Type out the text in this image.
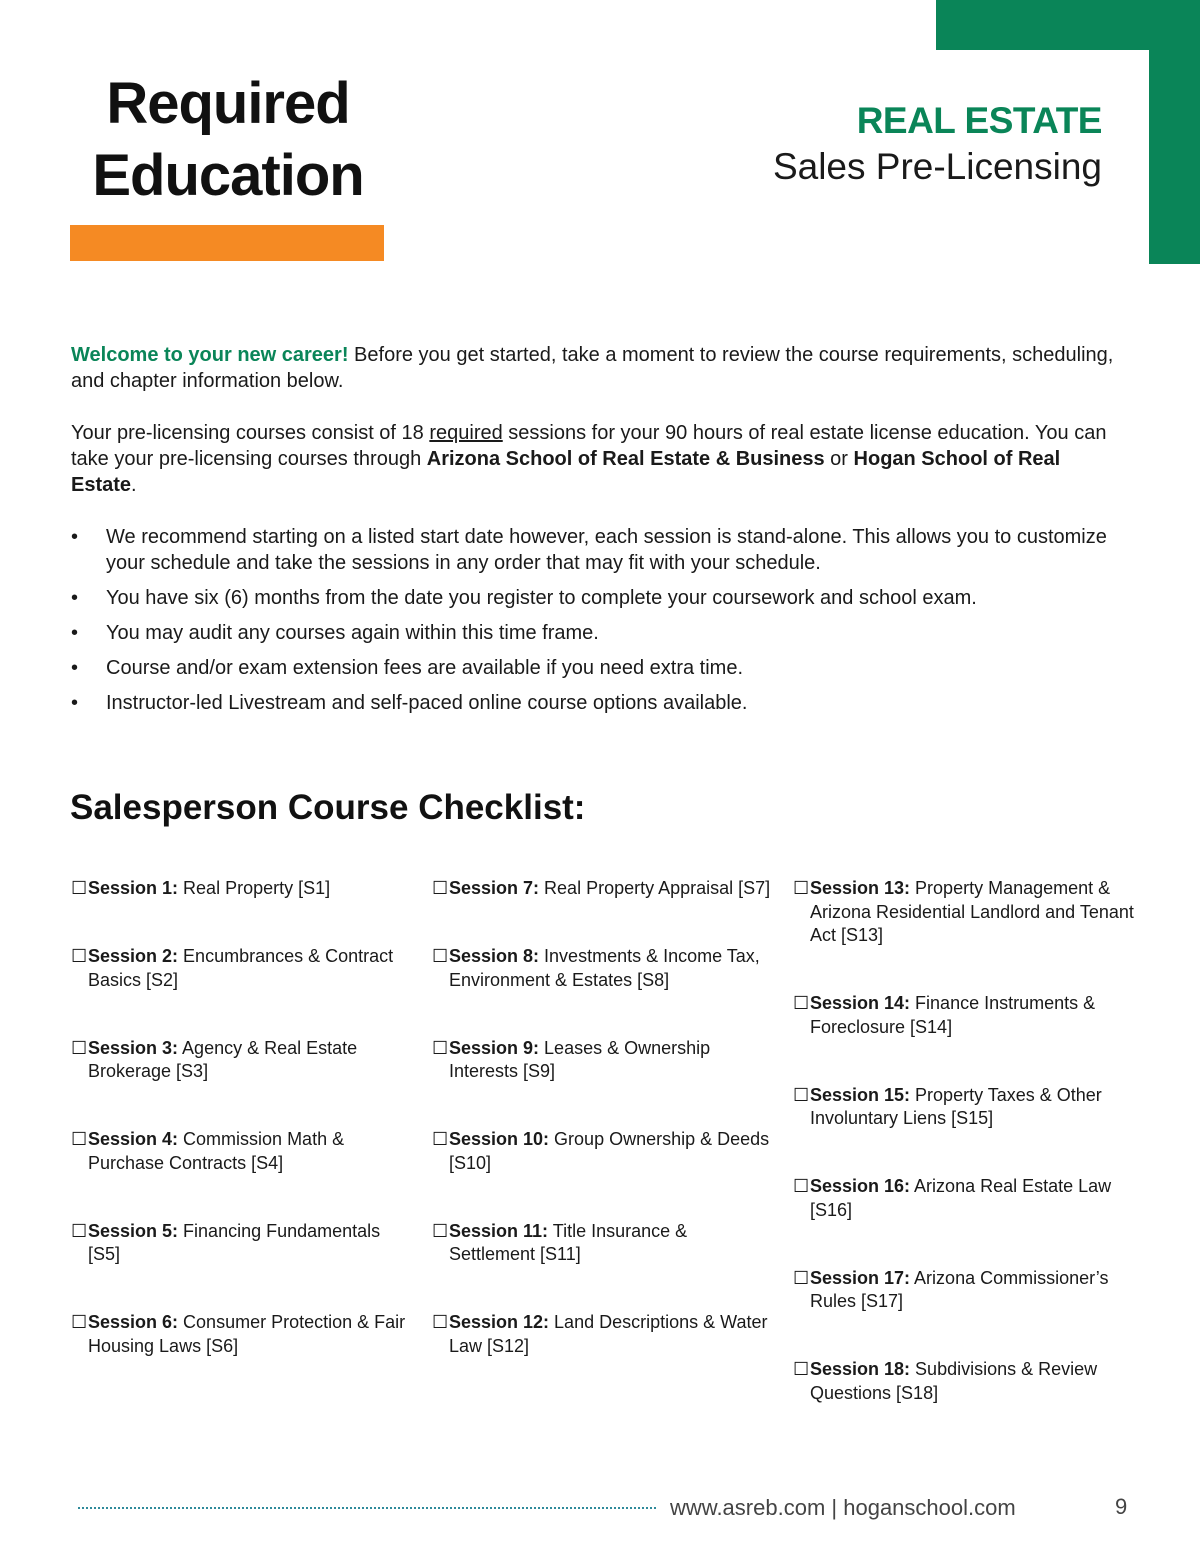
Required
Education
REAL ESTATE
Sales Pre-Licensing

Welcome to your new career! Before you get started, take a moment to review the course requirements, scheduling, and chapter information below.

Your pre-licensing courses consist of 18 required sessions for your 90 hours of real estate license education. You can take your pre-licensing courses through Arizona School of Real Estate & Business or Hogan School of Real Estate.

• We recommend starting on a listed start date however, each session is stand-alone. This allows you to customize your schedule and take the sessions in any order that may fit with your schedule.
• You have six (6) months from the date you register to complete your coursework and school exam.
• You may audit any courses again within this time frame.
• Course and/or exam extension fees are available if you need extra time.
• Instructor-led Livestream and self-paced online course options available.
Salesperson Course Checklist:
☐ Session 1: Real Property [S1]
☐ Session 2: Encumbrances & Contract Basics [S2]
☐ Session 3: Agency & Real Estate Brokerage [S3]
☐ Session 4: Commission Math & Purchase Contracts [S4]
☐ Session 5: Financing Fundamentals [S5]
☐ Session 6: Consumer Protection & Fair Housing Laws [S6]
☐ Session 7: Real Property Appraisal [S7]
☐ Session 8: Investments & Income Tax, Environment & Estates [S8]
☐ Session 9: Leases & Ownership Interests [S9]
☐ Session 10: Group Ownership & Deeds [S10]
☐ Session 11: Title Insurance & Settlement [S11]
☐ Session 12: Land Descriptions & Water Law [S12]
☐ Session 13: Property Management & Arizona Residential Landlord and Tenant Act [S13]
☐ Session 14: Finance Instruments & Foreclosure [S14]
☐ Session 15: Property Taxes & Other Involuntary Liens [S15]
☐ Session 16: Arizona Real Estate Law [S16]
☐ Session 17: Arizona Commissioner’s Rules [S17]
☐ Session 18: Subdivisions & Review Questions [S18]
www.asreb.com | hoganschool.com	9
